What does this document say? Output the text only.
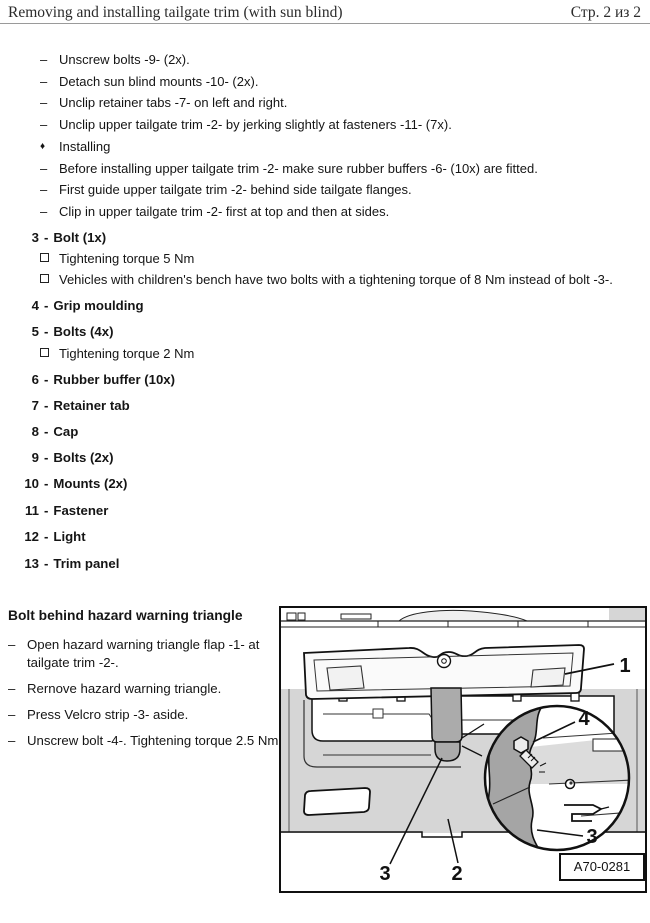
Removing and installing tailgate trim (with sun blind)	Стр. 2 из 2
– Unscrew bolts -9- (2x).
– Detach sun blind mounts -10- (2x).
– Unclip retainer tabs -7- on left and right.
– Unclip upper tailgate trim -2- by jerking slightly at fasteners -11- (7x).
♦	Installing
– Before installing upper tailgate trim -2- make sure rubber buffers -6- (10x) are fitted.
– First guide upper tailgate trim -2- behind side tailgate flanges.
– Clip in upper tailgate trim -2- first at top and then at sides.
3 - Bolt (1x)
Tightening torque 5 Nm
Vehicles with children's bench have two bolts with a tightening torque of 8 Nm instead of bolt -3-.
4 - Grip moulding
5 - Bolts (4x)
Tightening torque 2 Nm
6 - Rubber buffer (10x)
7 - Retainer tab
8 - Cap
9 - Bolts (2x)
10 - Mounts (2x)
11 - Fastener
12 - Light
13 - Trim panel
Bolt behind hazard warning triangle
– Open hazard warning triangle flap -1- at tailgate trim -2-.
– Rernove hazard warning triangle.
– Press Velcro strip -3- aside.
– Unscrew bolt -4-. Tightening torque 2.5 Nm
1
3	2
4
3
A70-0281
